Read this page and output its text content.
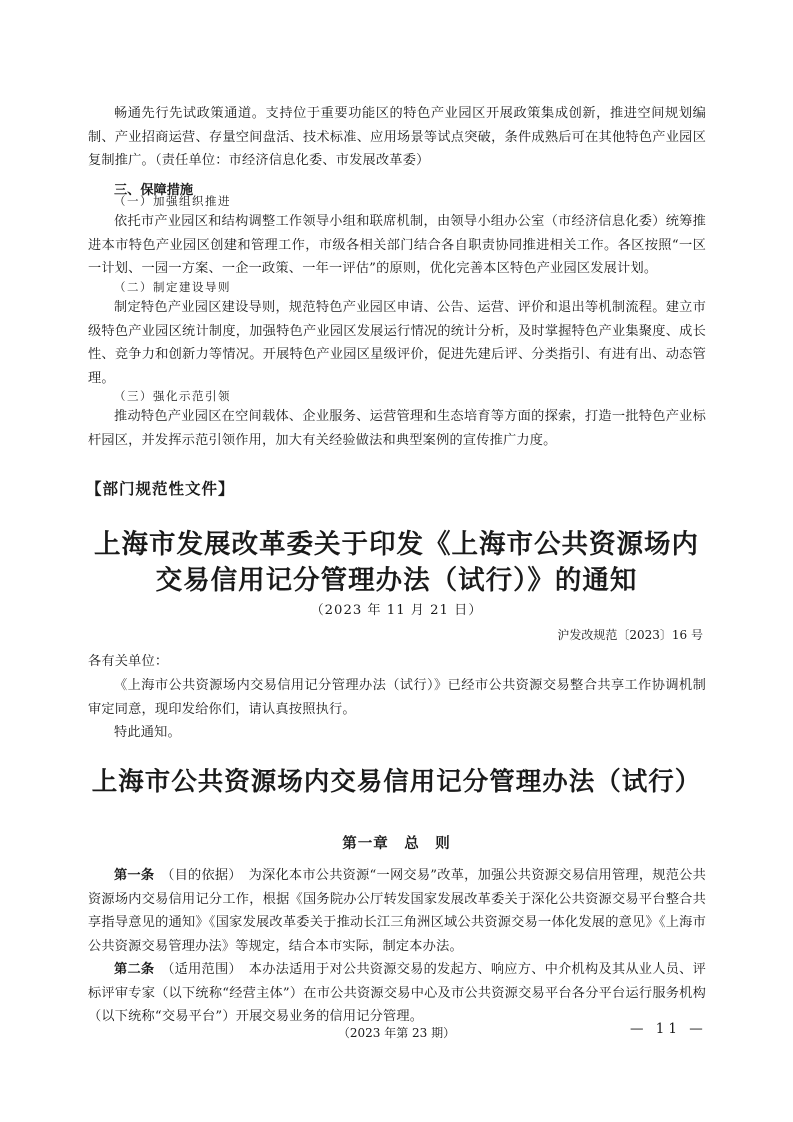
畅通先行先试政策通道。支持位于重要功能区的特色产业园区开展政策集成创新，推进空间规划编制、产业招商运营、存量空间盘活、技术标准、应用场景等试点突破，条件成熟后可在其他特色产业园区复制推广。（责任单位：市经济信息化委、市发展改革委）

三、保障措施

（一）加强组织推进

依托市产业园区和结构调整工作领导小组和联席机制，由领导小组办公室（市经济信息化委）统筹推进本市特色产业园区创建和管理工作，市级各相关部门结合各自职责协同推进相关工作。各区按照“一区一计划、一园一方案、一企一政策、一年一评估”的原则，优化完善本区特色产业园区发展计划。

（二）制定建设导则

制定特色产业园区建设导则，规范特色产业园区申请、公告、运营、评价和退出等机制流程。建立市级特色产业园区统计制度，加强特色产业园区发展运行情况的统计分析，及时掌握特色产业集聚度、成长性、竞争力和创新力等情况。开展特色产业园区星级评价，促进先建后评、分类指引、有进有出、动态管理。

（三）强化示范引领

推动特色产业园区在空间载体、企业服务、运营管理和生态培育等方面的探索，打造一批特色产业标杆园区，并发挥示范引领作用，加大有关经验做法和典型案例的宣传推广力度。

【部门规范性文件】

上海市发展改革委关于印发《上海市公共资源场内

交易信用记分管理办法（试行）》的通知

（2023 年 11 月 21 日）

沪发改规范〔2023〕16 号

各有关单位：

《上海市公共资源场内交易信用记分管理办法（试行）》已经市公共资源交易整合共享工作协调机制审定同意，现印发给你们，请认真按照执行。

特此通知。

上海市公共资源场内交易信用记分管理办法（试行）

第一章　总　则

第一条　 （目的依据）　为深化本市公共资源“一网交易”改革，加强公共资源交易信用管理，规范公共资源场内交易信用记分工作，根据《国务院办公厅转发国家发展改革委关于深化公共资源交易平台整合共享指导意见的通知》《国家发展改革委关于推动长江三角洲区域公共资源交易一体化发展的意见》《上海市公共资源交易管理办法》等规定，结合本市实际，制定本办法。

第二条　 （适用范围）　本办法适用于对公共资源交易的发起方、响应方、中介机构及其从业人员、评标评审专家（以下统称“经营主体”）在市公共资源交易中心及市公共资源交易平台各分平台运行服务机构（以下统称“交易平台”）开展交易业务的信用记分管理。

（2023 年第 23 期）	— 11 —
